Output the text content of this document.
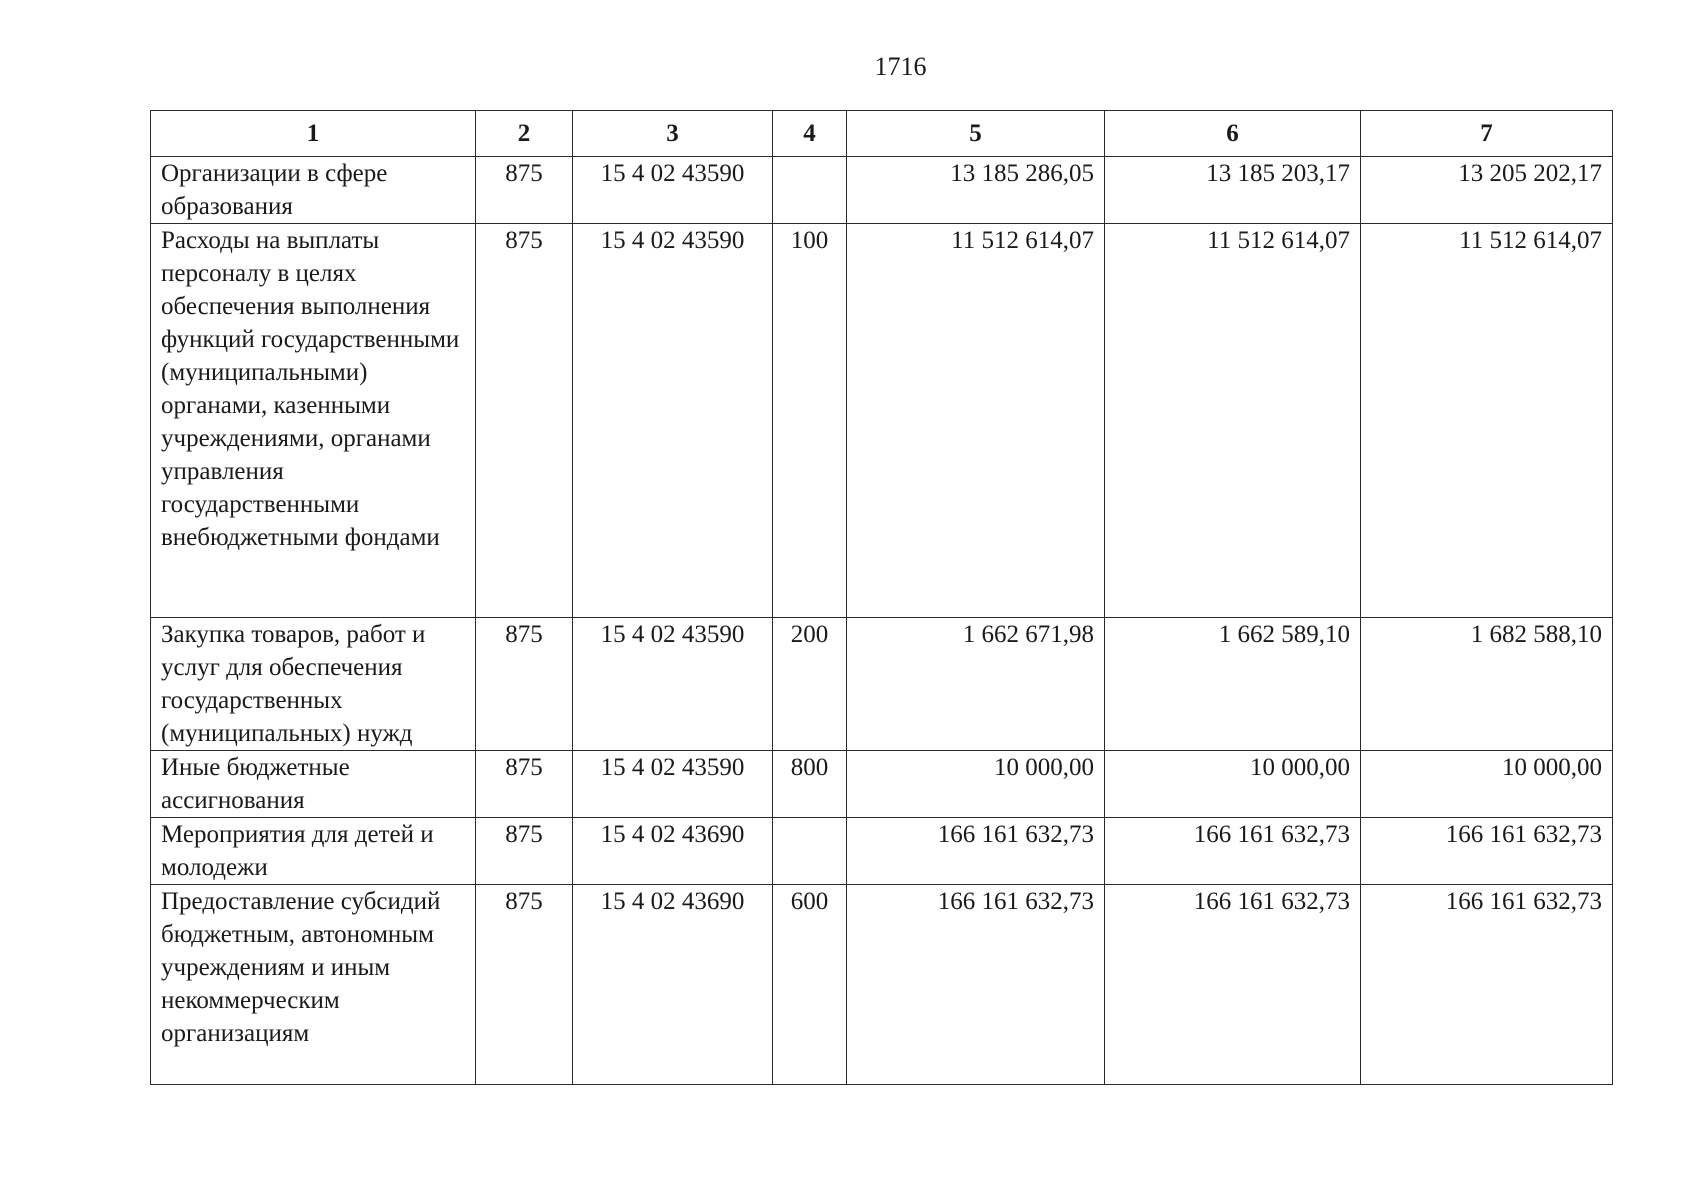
1716
1	2	3	4	5	6	7
Организации в сфере образования	875	15 4 02 43590		13 185 286,05	13 185 203,17	13 205 202,17
Расходы на выплаты персоналу в целях обеспечения выполнения функций государственными (муниципальными) органами, казенными учреждениями, органами управления государственными внебюджетными фондами	875	15 4 02 43590	100	11 512 614,07	11 512 614,07	11 512 614,07
Закупка товаров, работ и услуг для обеспечения государственных (муниципальных) нужд	875	15 4 02 43590	200	1 662 671,98	1 662 589,10	1 682 588,10
Иные бюджетные ассигнования	875	15 4 02 43590	800	10 000,00	10 000,00	10 000,00
Мероприятия для детей и молодежи	875	15 4 02 43690		166 161 632,73	166 161 632,73	166 161 632,73
Предоставление субсидий бюджетным, автономным учреждениям и иным некоммерческим организациям	875	15 4 02 43690	600	166 161 632,73	166 161 632,73	166 161 632,73
